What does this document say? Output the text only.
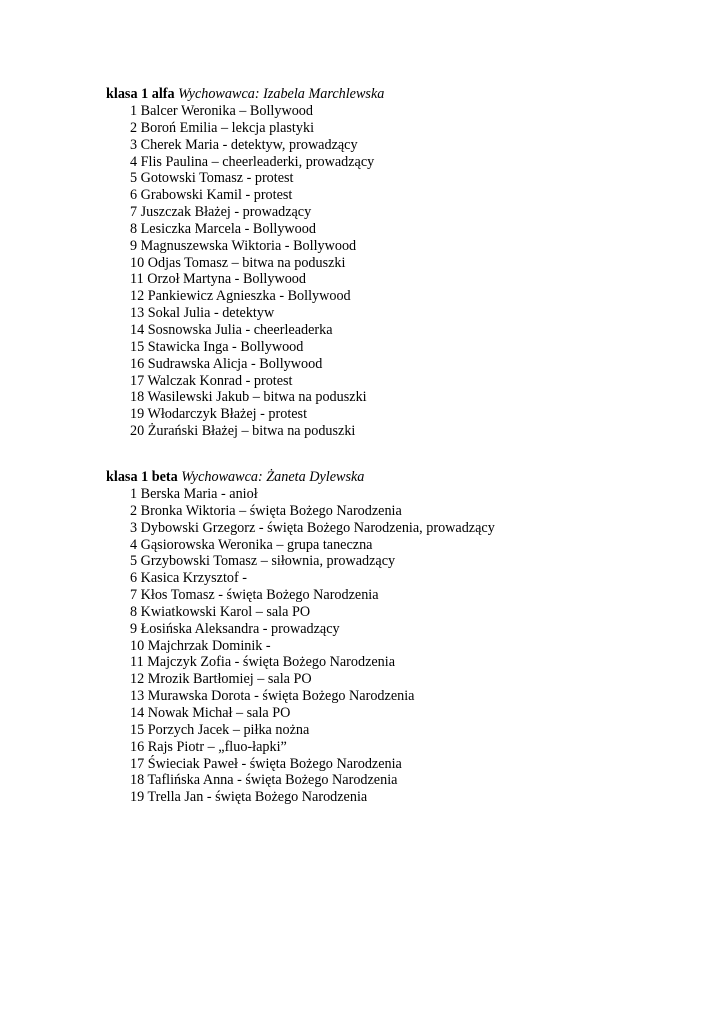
klasa 1 alfa Wychowawca: Izabela Marchlewska
1 Balcer Weronika – Bollywood
2 Boroń Emilia – lekcja plastyki
3 Cherek Maria - detektyw, prowadzący
4 Flis Paulina – cheerleaderki, prowadzący
5 Gotowski Tomasz - protest
6 Grabowski Kamil - protest
7 Juszczak Błażej - prowadzący
8 Lesiczka Marcela - Bollywood
9 Magnuszewska Wiktoria - Bollywood
10 Odjas Tomasz – bitwa na poduszki
11 Orzoł Martyna - Bollywood
12 Pankiewicz Agnieszka - Bollywood
13 Sokal Julia - detektyw
14 Sosnowska Julia - cheerleaderka
15 Stawicka Inga - Bollywood
16 Sudrawska Alicja - Bollywood
17 Walczak Konrad - protest
18 Wasilewski Jakub – bitwa na poduszki
19 Włodarczyk Błażej - protest
20 Żurański Błażej – bitwa na poduszki
klasa 1 beta Wychowawca: Żaneta Dylewska
1 Berska Maria - anioł
2 Bronka Wiktoria – święta Bożego Narodzenia
3 Dybowski Grzegorz - święta Bożego Narodzenia, prowadzący
4 Gąsiorowska Weronika – grupa taneczna
5 Grzybowski Tomasz – siłownia, prowadzący
6 Kasica Krzysztof -
7 Kłos Tomasz - święta Bożego Narodzenia
8 Kwiatkowski Karol – sala PO
9 Łosińska Aleksandra - prowadzący
10 Majchrzak Dominik -
11 Majczyk Zofia - święta Bożego Narodzenia
12 Mrozik Bartłomiej – sala PO
13 Murawska Dorota - święta Bożego Narodzenia
14 Nowak Michał – sala PO
15 Porzych Jacek – piłka nożna
16 Rajs Piotr – „fluo-łapki”
17 Świeciak Paweł - święta Bożego Narodzenia
18 Taflińska Anna - święta Bożego Narodzenia
19 Trella Jan - święta Bożego Narodzenia
